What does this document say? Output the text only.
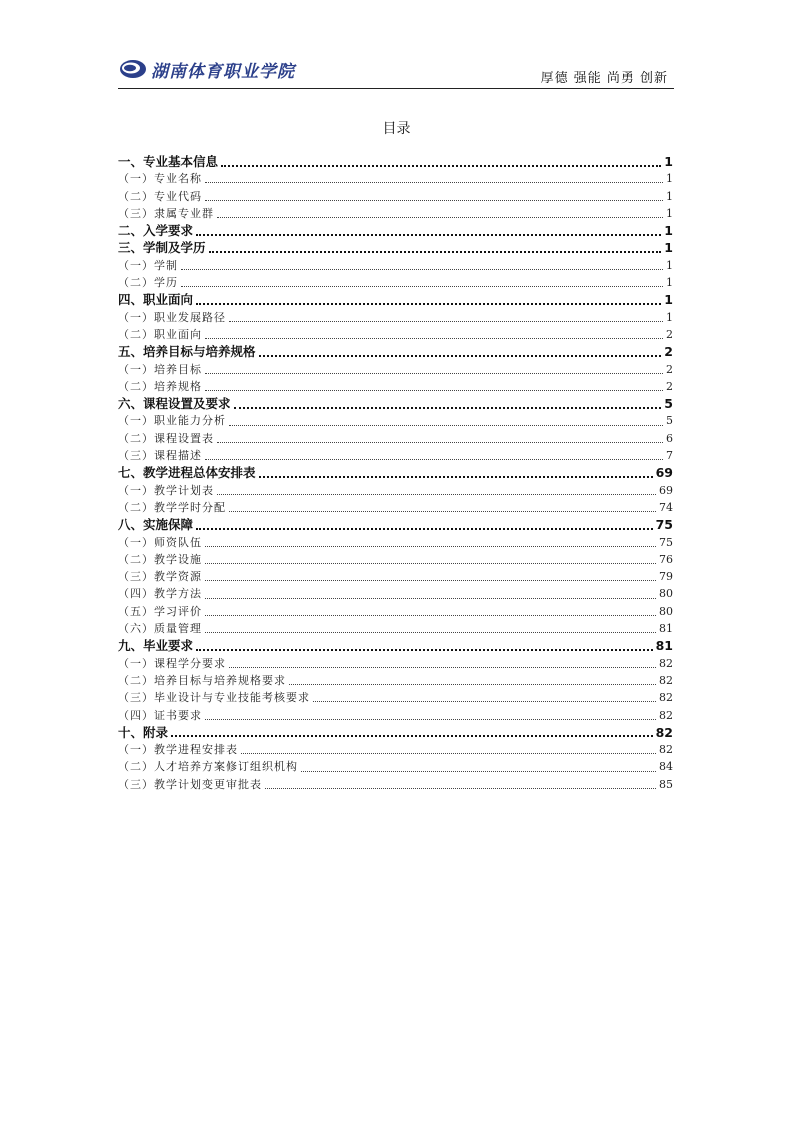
湖南体育职业学院	厚德 强能 尚勇 创新
目录
一、专业基本信息	1
（一）专业名称	1
（二）专业代码	1
（三）隶属专业群	1
二、入学要求	1
三、学制及学历	1
（一）学制	1
（二）学历	1
四、职业面向	1
（一）职业发展路径	1
（二）职业面向	2
五、培养目标与培养规格	2
（一）培养目标	2
（二）培养规格	2
六、课程设置及要求	5
（一）职业能力分析	5
（二）课程设置表	6
（三）课程描述	7
七、教学进程总体安排表	69
（一）教学计划表	69
（二）教学学时分配	74
八、实施保障	75
（一）师资队伍	75
（二）教学设施	76
（三）教学资源	79
（四）教学方法	80
（五）学习评价	80
（六）质量管理	81
九、毕业要求	81
（一）课程学分要求	82
（二）培养目标与培养规格要求	82
（三）毕业设计与专业技能考核要求	82
（四）证书要求	82
十、附录	82
（一）教学进程安排表	82
（二）人才培养方案修订组织机构	84
（三）教学计划变更审批表	85
